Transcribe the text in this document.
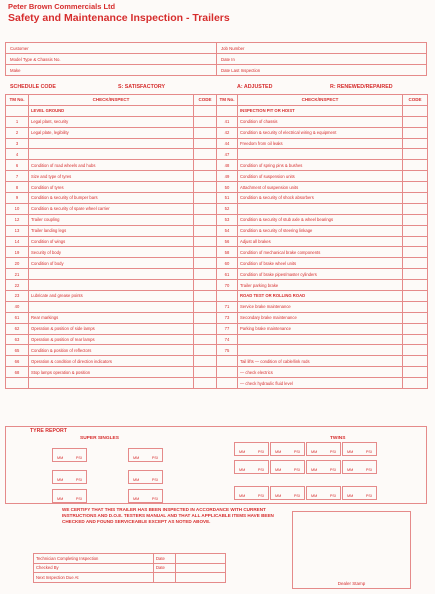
Peter Brown Commercials Ltd
Safety and Maintenance Inspection - Trailers
Customer	Job Number
Model Type & Chassis No.	Date In
Make	Date Last Inspection
SCHEDULE CODE	S: SATISFACTORY	A: ADJUSTED	R: RENEWED/REPAIRED
TM No.	CHECK/INSPECT	CODE	TM No.	CHECK/INSPECT	CODE
	LEVEL GROUND			INSPECTION PIT OR HOIST	
1	Legal plant, security		41	Condition of chassis	
2	Legal plate, legibility		42	Condition & security of electrical wiring & equipment	
3			44	Freedom from oil leaks	
4			47		
6	Condition of road wheels and hubs		48	Condition of spring pins & bushes	
7	Size and type of tyres		49	Condition of suspension units	
8	Condition of tyres		50	Attachment of suspension units	
9	Condition & security of bumper bars		51	Condition & security of shock absorbers	
10	Condition & security of spare wheel carrier		52		
12	Trailer coupling		53	Condition & security of stub axle & wheel bearings	
13	Trailer landing legs		54	Condition & security of steering linkage	
14	Condition of wings		56	Adjust all brakes	
19	Security of body		58	Condition of mechanical brake components	
20	Condition of body		60	Condition of brake wheel units	
21			61	Condition of brake pipes/master cylinders	
22			70	Trailer parking brake	
23	Lubricate and grease points			ROAD TEST OR ROLLING ROAD	
40			71	Service brake maintenance	
61	Rear markings		73	Secondary brake maintenance	
62	Operation & position of side lamps		77	Parking brake maintenance	
63	Operation & position of rear lamps		74		
65	Condition & position of reflectors		75		
66	Operation & condition of direction indicators			Tail lifts — condition of cable/link rods	
68	Stop lamps operation & position			— check electrics	
				— check hydraulic fluid level	
TYRE REPORT
SUPER SINGLES	TWINS
MM	PSI	MM	PSI
MM	PSI	MM	PSI
MM	PSI	MM	PSI
MM	PSI	MM	PSI	MM	PSI	MM	PSI
MM	PSI	MM	PSI	MM	PSI	MM	PSI
MM	PSI	MM	PSI	MM	PSI	MM	PSI
WE CERTIFY THAT THIS TRAILER HAS BEEN INSPECTED IN ACCORDANCE WITH CURRENT INSTRUCTIONS AND D.O.E. TESTERS MANUAL AND THAT ALL APPLICABLE ITEMS HAVE BEEN CHECKED AND FOUND SERVICEABLE EXCEPT AS NOTED ABOVE.
Technician Completing Inspection	Date	
Checked By	Date	
Next Inspection Due At		
Dealer Stamp
